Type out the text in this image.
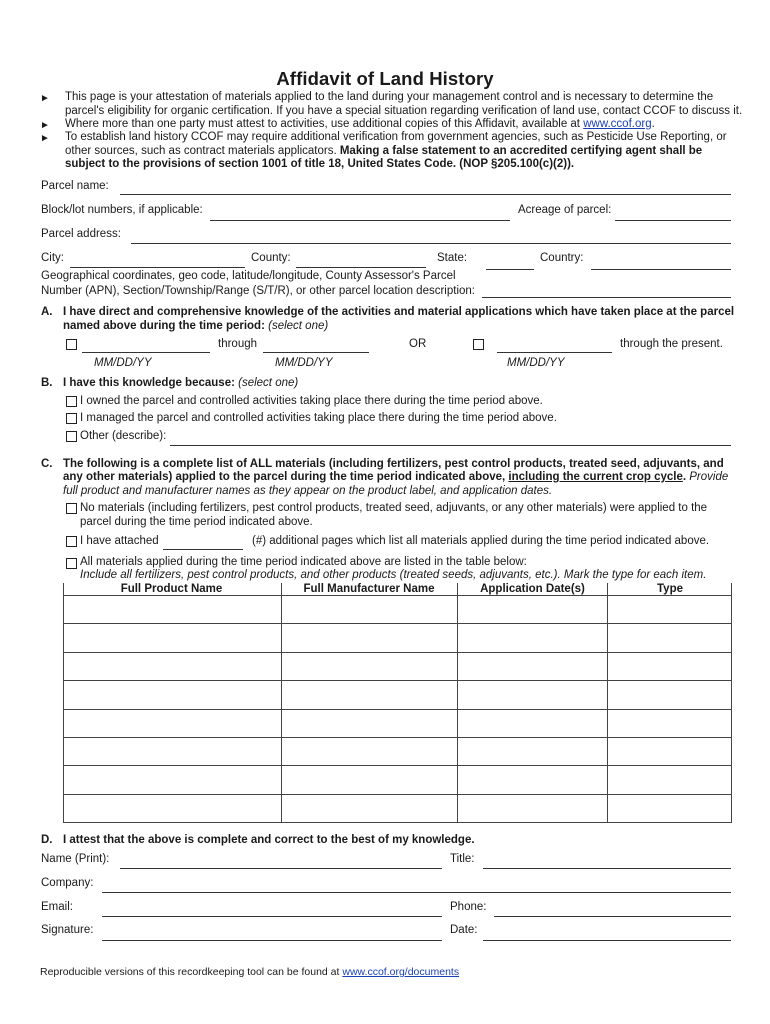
Affidavit of Land History
► This page is your attestation of materials applied to the land during your management control and is necessary to determine the parcel's eligibility for organic certification. If you have a special situation regarding verification of land use, contact CCOF to discuss it.
► Where more than one party must attest to activities, use additional copies of this Affidavit, available at www.ccof.org.
► To establish land history CCOF may require additional verification from government agencies, such as Pesticide Use Reporting, or other sources, such as contract materials applicators. Making a false statement to an accredited certifying agent shall be subject to the provisions of section 1001 of title 18, United States Code. (NOP §205.100(c)(2)).
Parcel name:
Block/lot numbers, if applicable:	Acreage of parcel:
Parcel address:
City:	County:	State:	Country:
Geographical coordinates, geo code, latitude/longitude, County Assessor's Parcel
Number (APN), Section/Township/Range (S/T/R), or other parcel location description:
A. I have direct and comprehensive knowledge of the activities and material applications which have taken place at the parcel
named above during the time period: (select one)
MM/DD/YY
through
MM/DD/YY
OR
MM/DD/YY
through the present.
B. I have this knowledge because: (select one)
I owned the parcel and controlled activities taking place there during the time period above.
I managed the parcel and controlled activities taking place there during the time period above.
Other (describe):
C. The following is a complete list of ALL materials (including fertilizers, pest control products, treated seed, adjuvants, and
any other materials) applied to the parcel during the time period indicated above, including the current crop cycle. Provide
full product and manufacturer names as they appear on the product label, and application dates.
No materials (including fertilizers, pest control products, treated seed, adjuvants, or any other materials) were applied to the
parcel during the time period indicated above.
I have attached	(#) additional pages which list all materials applied during the time period indicated above.
All materials applied during the time period indicated above are listed in the table below:
Include all fertilizers, pest control products, and other products (treated seeds, adjuvants, etc.). Mark the type for each item.
Full Product Name	Full Manufacturer Name	Application Date(s)	Type

D. I attest that the above is complete and correct to the best of my knowledge.
Name (Print):	Title:
Company:
Email:	Phone:
Signature:	Date:
Reproducible versions of this recordkeeping tool can be found at www.ccof.org/documents
